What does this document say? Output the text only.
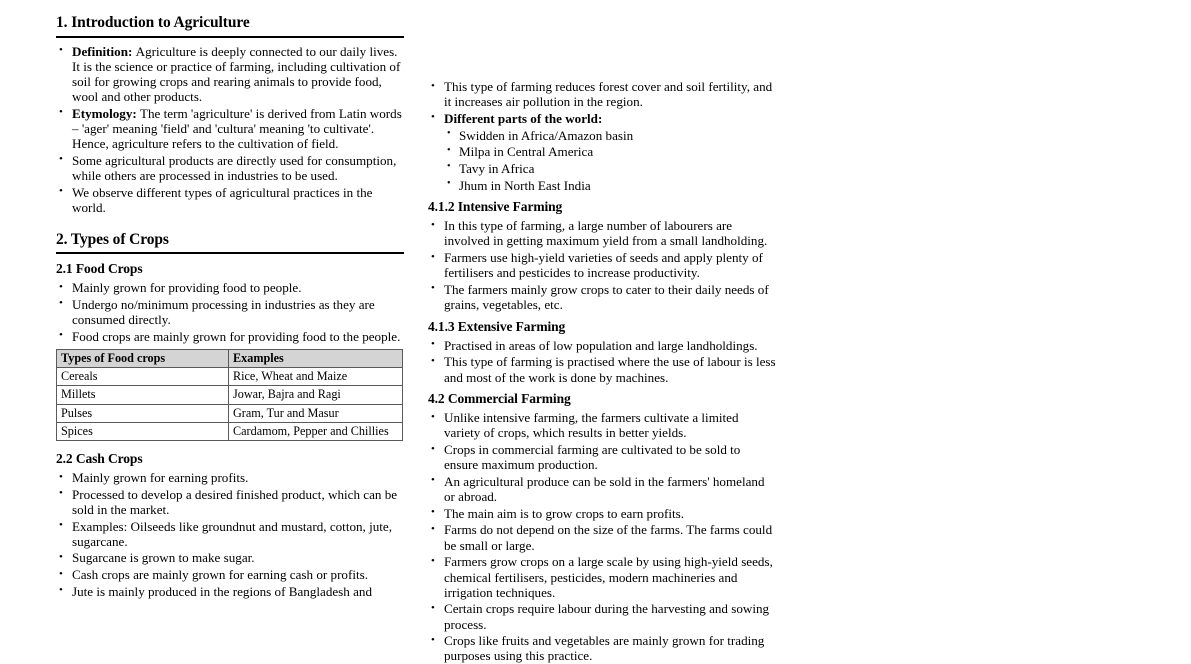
1. Introduction to Agriculture
• Definition: Agriculture is deeply connected to our daily lives. It is the science or practice of farming, including cultivation of soil for growing crops and rearing animals to provide food, wool and other products.
• Etymology: The term 'agriculture' is derived from Latin words – 'ager' meaning 'field' and 'cultura' meaning 'to cultivate'. Hence, agriculture refers to the cultivation of field.
• Some agricultural products are directly used for consumption, while others are processed in industries to be used.
• We observe different types of agricultural practices in the world.
2. Types of Crops
2.1 Food Crops
• Mainly grown for providing food to people.
• Undergo no/minimum processing in industries as they are consumed directly.
• Food crops are mainly grown for providing food to the people.
Types of Food crops	Examples
Cereals	Rice, Wheat and Maize
Millets	Jowar, Bajra and Ragi
Pulses	Gram, Tur and Masur
Spices	Cardamom, Pepper and Chillies
2.2 Cash Crops
• Mainly grown for earning profits.
• Processed to develop a desired finished product, which can be sold in the market.
• Examples: Oilseeds like groundnut and mustard, cotton, jute, sugarcane.
• Sugarcane is grown to make sugar.
• Cash crops are mainly grown for earning cash or profits.
• Jute is mainly produced in the regions of Bangladesh and
• This type of farming reduces forest cover and soil fertility, and it increases air pollution in the region.
• Different parts of the world:
• Swidden in Africa/Amazon basin
• Milpa in Central America
• Tavy in Africa
• Jhum in North East India
4.1.2 Intensive Farming
• In this type of farming, a large number of labourers are involved in getting maximum yield from a small landholding.
• Farmers use high-yield varieties of seeds and apply plenty of fertilisers and pesticides to increase productivity.
• The farmers mainly grow crops to cater to their daily needs of grains, vegetables, etc.
4.1.3 Extensive Farming
• Practised in areas of low population and large landholdings.
• This type of farming is practised where the use of labour is less and most of the work is done by machines.
4.2 Commercial Farming
• Unlike intensive farming, the farmers cultivate a limited variety of crops, which results in better yields.
• Crops in commercial farming are cultivated to be sold to ensure maximum production.
• An agricultural produce can be sold in the farmers' homeland or abroad.
• The main aim is to grow crops to earn profits.
• Farms do not depend on the size of the farms. The farms could be small or large.
• Farmers grow crops on a large scale by using high-yield seeds, chemical fertilisers, pesticides, modern machineries and irrigation techniques.
• Certain crops require labour during the harvesting and sowing process.
• Crops like fruits and vegetables are mainly grown for trading purposes using this practice.
